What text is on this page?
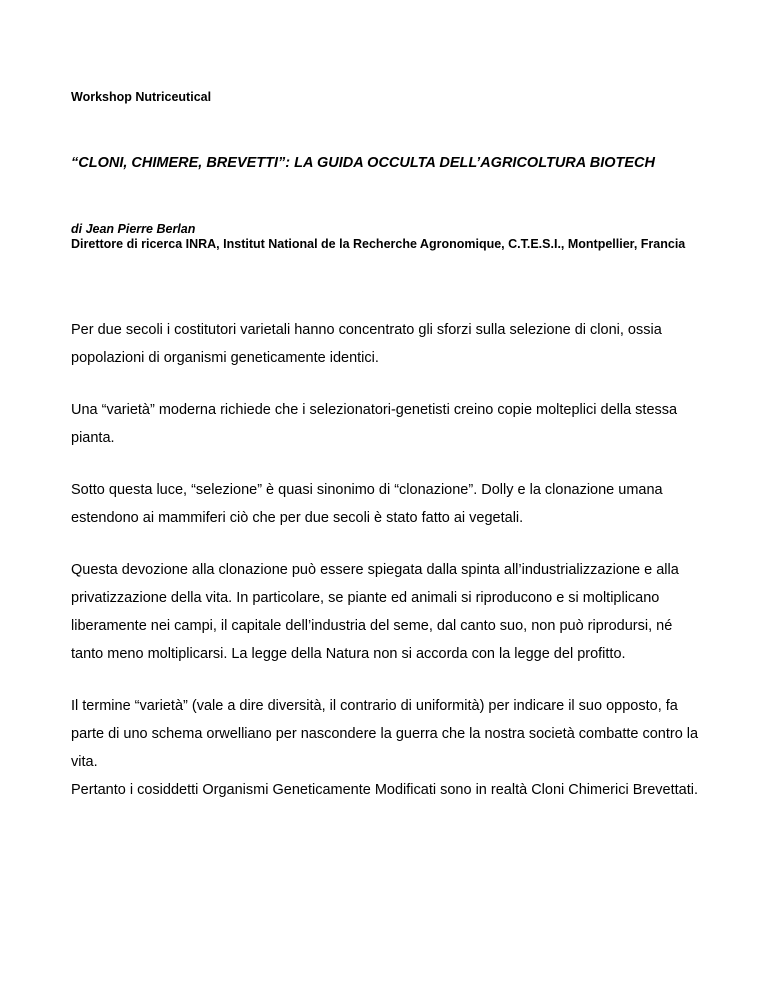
Workshop Nutriceutical
“CLONI, CHIMERE, BREVETTI”: LA GUIDA OCCULTA DELL’AGRICOLTURA BIOTECH
di Jean Pierre Berlan
Direttore di ricerca INRA, Institut National de la Recherche Agronomique, C.T.E.S.I., Montpellier, Francia

Per due secoli i costitutori varietali hanno concentrato gli sforzi sulla selezione di cloni, ossia popolazioni di organismi geneticamente identici.

Una “varietà” moderna richiede che i selezionatori-genetisti creino copie molteplici della stessa pianta.

Sotto questa luce, “selezione” è quasi sinonimo di “clonazione”. Dolly e la clonazione umana estendono ai mammiferi ciò che per due secoli è stato fatto ai vegetali.

Questa devozione alla clonazione può essere spiegata dalla spinta all’industrializzazione e alla privatizzazione della vita. In particolare, se piante ed animali si riproducono e si moltiplicano liberamente nei campi, il capitale dell’industria del seme, dal canto suo, non può riprodursi, né tanto meno moltiplicarsi. La legge della Natura non si accorda con la legge del profitto.

Il termine “varietà” (vale a dire diversità, il contrario di uniformità) per indicare il suo opposto, fa parte di uno schema orwelliano per nascondere la guerra che la nostra società combatte contro la vita.

Pertanto i cosiddetti Organismi Geneticamente Modificati sono in realtà Cloni Chimerici Brevettati.
